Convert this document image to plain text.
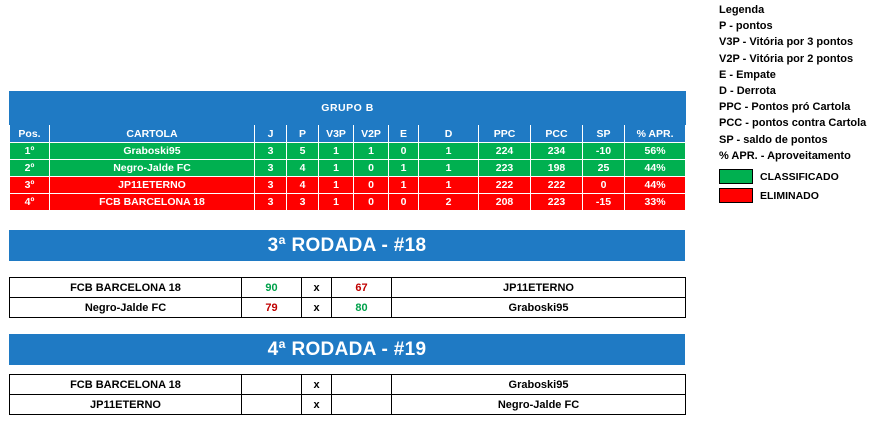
Legenda
P - pontos
V3P - Vitória por 3 pontos
V2P - Vitória por 2 pontos
E - Empate
D - Derrota
PPC - Pontos pró Cartola
PCC - pontos contra Cartola
SP - saldo de pontos
% APR. - Aproveitamento
CLASSIFICADO
ELIMINADO
GRUPO B											
Pos.	CARTOLA	J	P	V3P	V2P	E	D	PPC	PCC	SP	% APR.
1º	Graboski95	3	5	1	1	0	1	224	234	-10	56%
2º	Negro-Jalde FC	3	4	1	0	1	1	223	198	25	44%
3º	JP11ETERNO	3	4	1	0	1	1	222	222	0	44%
4º	FCB BARCELONA 18	3	3	1	0	0	2	208	223	-15	33%
3ª RODADA - #18
FCB BARCELONA 18	90	x	67	JP11ETERNO
Negro-Jalde FC	79	x	80	Graboski95
4ª RODADA - #19
FCB BARCELONA 18		x		Graboski95
JP11ETERNO		x		Negro-Jalde FC
